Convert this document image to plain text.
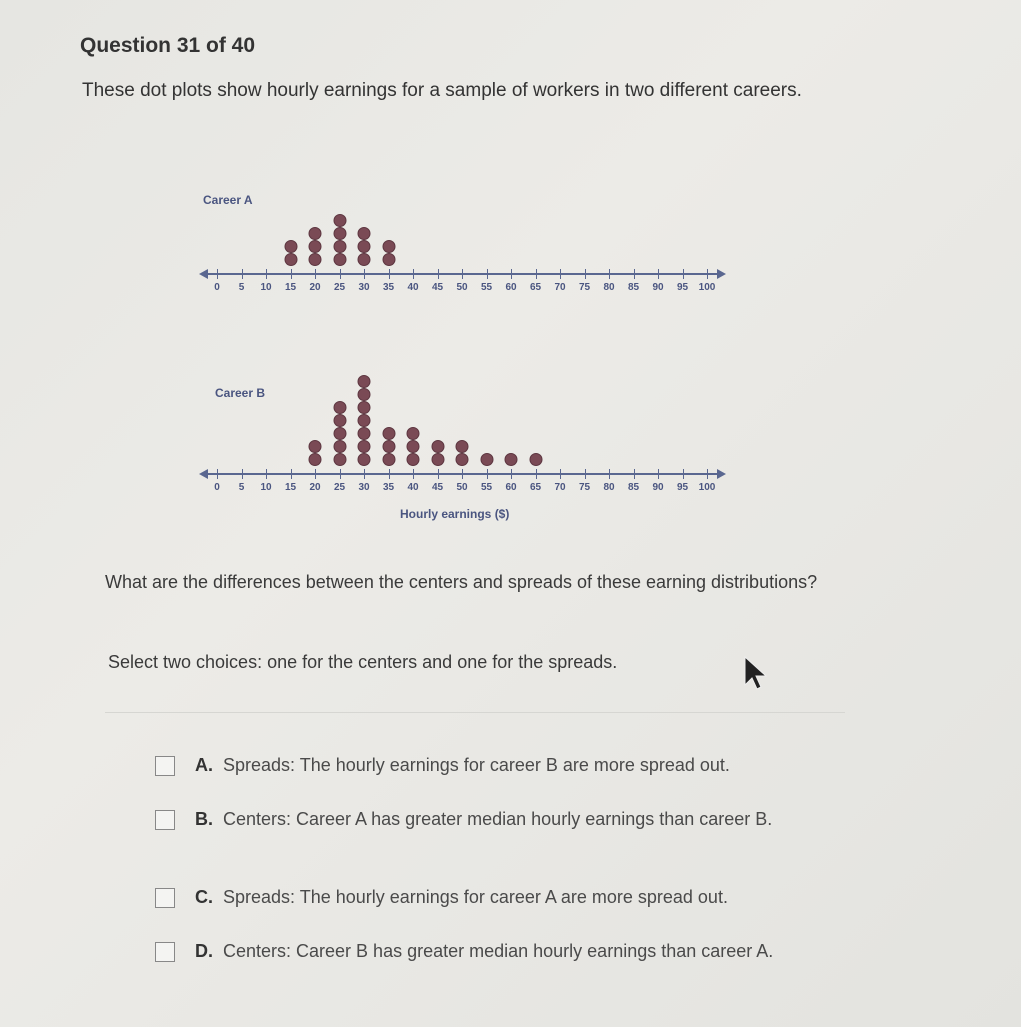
Question 31 of 40
These dot plots show hourly earnings for a sample of workers in two different careers.
Career A
0 5 10 15 20 25 30 35 40 45 50 55 60 65 70 75 80 85 90 95 100
Career B
Hourly earnings ($)
0 5 10 15 20 25 30 35 40 45 50 55 60 65 70 75 80 85 90 95 100
What are the differences between the centers and spreads of these earning distributions?
Select two choices: one for the centers and one for the spreads.
A. Spreads: The hourly earnings for career B are more spread out.
B. Centers: Career A has greater median hourly earnings than career B.
C. Spreads: The hourly earnings for career A are more spread out.
D. Centers: Career B has greater median hourly earnings than career A.
